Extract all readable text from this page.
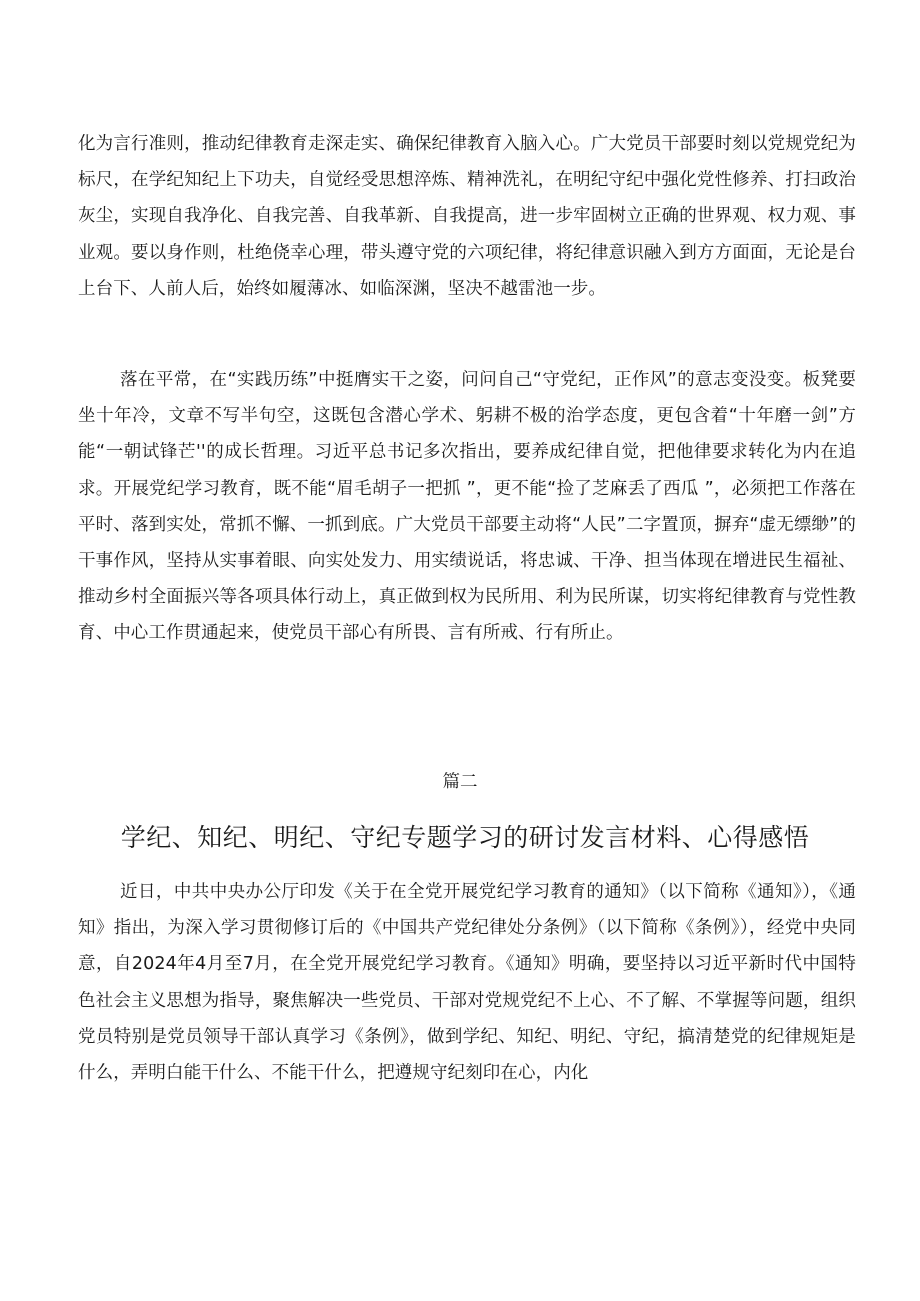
化为言行准则，推动纪律教育走深走实、确保纪律教育入脑入心。广大党员干部要时刻以党规党纪为标尺，在学纪知纪上下功夫，自觉经受思想淬炼、精神洗礼，在明纪守纪中强化党性修养、打扫政治灰尘，实现自我净化、自我完善、自我革新、自我提高，进一步牢固树立正确的世界观、权力观、事业观。要以身作则，杜绝侥幸心理，带头遵守党的六项纪律，将纪律意识融入到方方面面，无论是台上台下、人前人后，始终如履薄冰、如临深渊，坚决不越雷池一步。

落在平常，在“实践历练”中挺膺实干之姿，问问自己“守党纪，正作风”的意志变没变。板凳要坐十年冷，文章不写半句空，这既包含潜心学术、躬耕不极的治学态度，更包含着“十年磨一剑”方能“一朝试锋芒''的成长哲理。习近平总书记多次指出，要养成纪律自觉，把他律要求转化为内在追求。开展党纪学习教育，既不能“眉毛胡子一把抓 ”，更不能“捡了芝麻丢了西瓜 ”，必须把工作落在平时、落到实处，常抓不懈、一抓到底。广大党员干部要主动将“人民”二字置顶，摒弃“虚无缥缈”的干事作风，坚持从实事着眼、向实处发力、用实绩说话，将忠诚、干净、担当体现在增进民生福祉、推动乡村全面振兴等各项具体行动上，真正做到权为民所用、利为民所谋，切实将纪律教育与党性教育、中心工作贯通起来，使党员干部心有所畏、言有所戒、行有所止。

篇二
学纪、知纪、明纪、守纪专题学习的研讨发言材料、心得感悟

近日，中共中央办公厅印发《关于在全党开展党纪学习教育的通知》（以下简称《通知》），《通知》指出，为深入学习贯彻修订后的《中国共产党纪律处分条例》（以下简称《条例》），经党中央同意，自2024年4月至7月，在全党开展党纪学习教育。《通知》明确，要坚持以习近平新时代中国特色社会主义思想为指导，聚焦解决一些党员、干部对党规党纪不上心、不了解、不掌握等问题，组织党员特别是党员领导干部认真学习《条例》，做到学纪、知纪、明纪、守纪，搞清楚党的纪律规矩是什么，弄明白能干什么、不能干什么，把遵规守纪刻印在心，内化
